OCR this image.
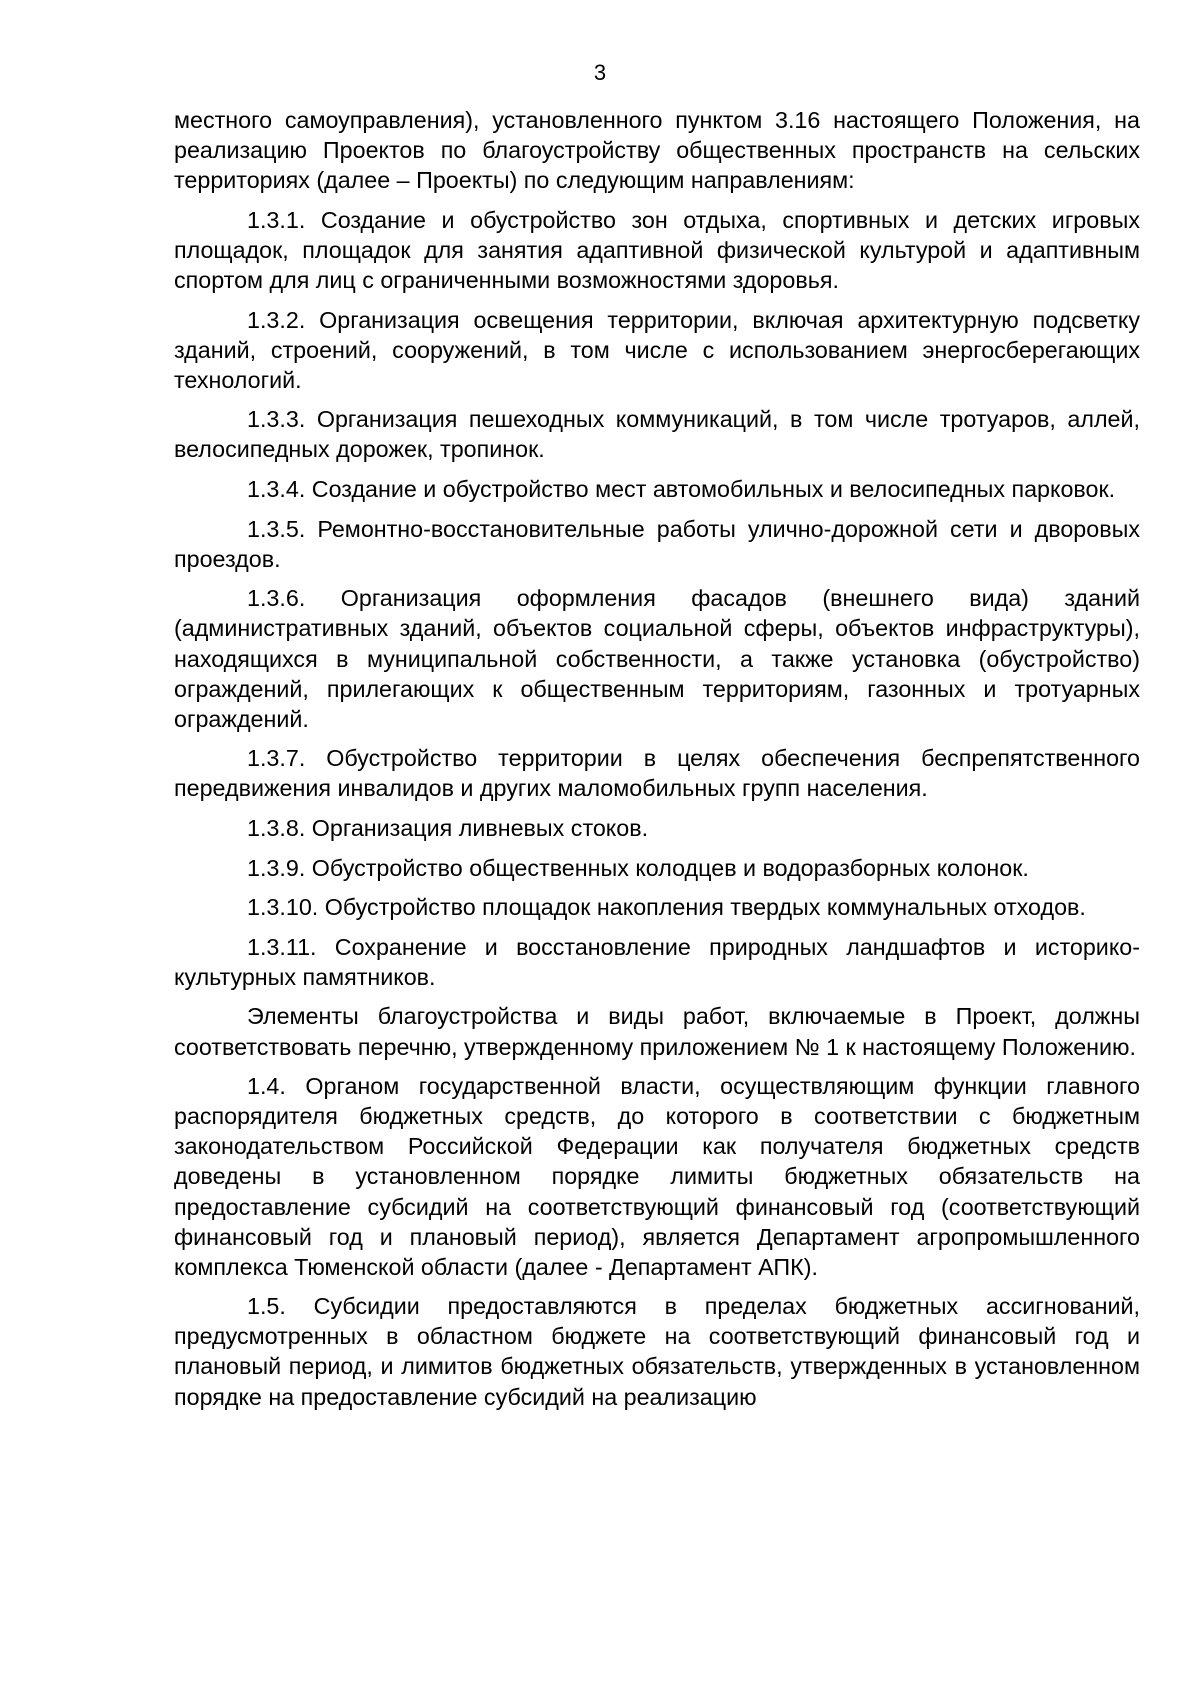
3

местного самоуправления), установленного пунктом 3.16 настоящего Положения, на реализацию Проектов по благоустройству общественных пространств на сельских территориях (далее – Проекты) по следующим направлениям:

1.3.1. Создание и обустройство зон отдыха, спортивных и детских игровых площадок, площадок для занятия адаптивной физической культурой и адаптивным спортом для лиц с ограниченными возможностями здоровья.

1.3.2. Организация освещения территории, включая архитектурную подсветку зданий, строений, сооружений, в том числе с использованием энергосберегающих технологий.

1.3.3. Организация пешеходных коммуникаций, в том числе тротуаров, аллей, велосипедных дорожек, тропинок.

1.3.4. Создание и обустройство мест автомобильных и велосипедных парковок.

1.3.5. Ремонтно-восстановительные работы улично-дорожной сети и дворовых проездов.

1.3.6. Организация оформления фасадов (внешнего вида) зданий (административных зданий, объектов социальной сферы, объектов инфраструктуры), находящихся в муниципальной собственности, а также установка (обустройство) ограждений, прилегающих к общественным территориям, газонных и тротуарных ограждений.

1.3.7. Обустройство территории в целях обеспечения беспрепятственного передвижения инвалидов и других маломобильных групп населения.

1.3.8. Организация ливневых стоков.

1.3.9. Обустройство общественных колодцев и водоразборных колонок.

1.3.10. Обустройство площадок накопления твердых коммунальных отходов.

1.3.11. Сохранение и восстановление природных ландшафтов и историко-культурных памятников.

Элементы благоустройства и виды работ, включаемые в Проект, должны соответствовать перечню, утвержденному приложением № 1 к настоящему Положению.

1.4. Органом государственной власти, осуществляющим функции главного распорядителя бюджетных средств, до которого в соответствии с бюджетным законодательством Российской Федерации как получателя бюджетных средств доведены в установленном порядке лимиты бюджетных обязательств на предоставление субсидий на соответствующий финансовый год (соответствующий финансовый год и плановый период), является Департамент агропромышленного комплекса Тюменской области (далее - Департамент АПК).

1.5. Субсидии предоставляются в пределах бюджетных ассигнований, предусмотренных в областном бюджете на соответствующий финансовый год и плановый период, и лимитов бюджетных обязательств, утвержденных в установленном порядке на предоставление субсидий на реализацию
